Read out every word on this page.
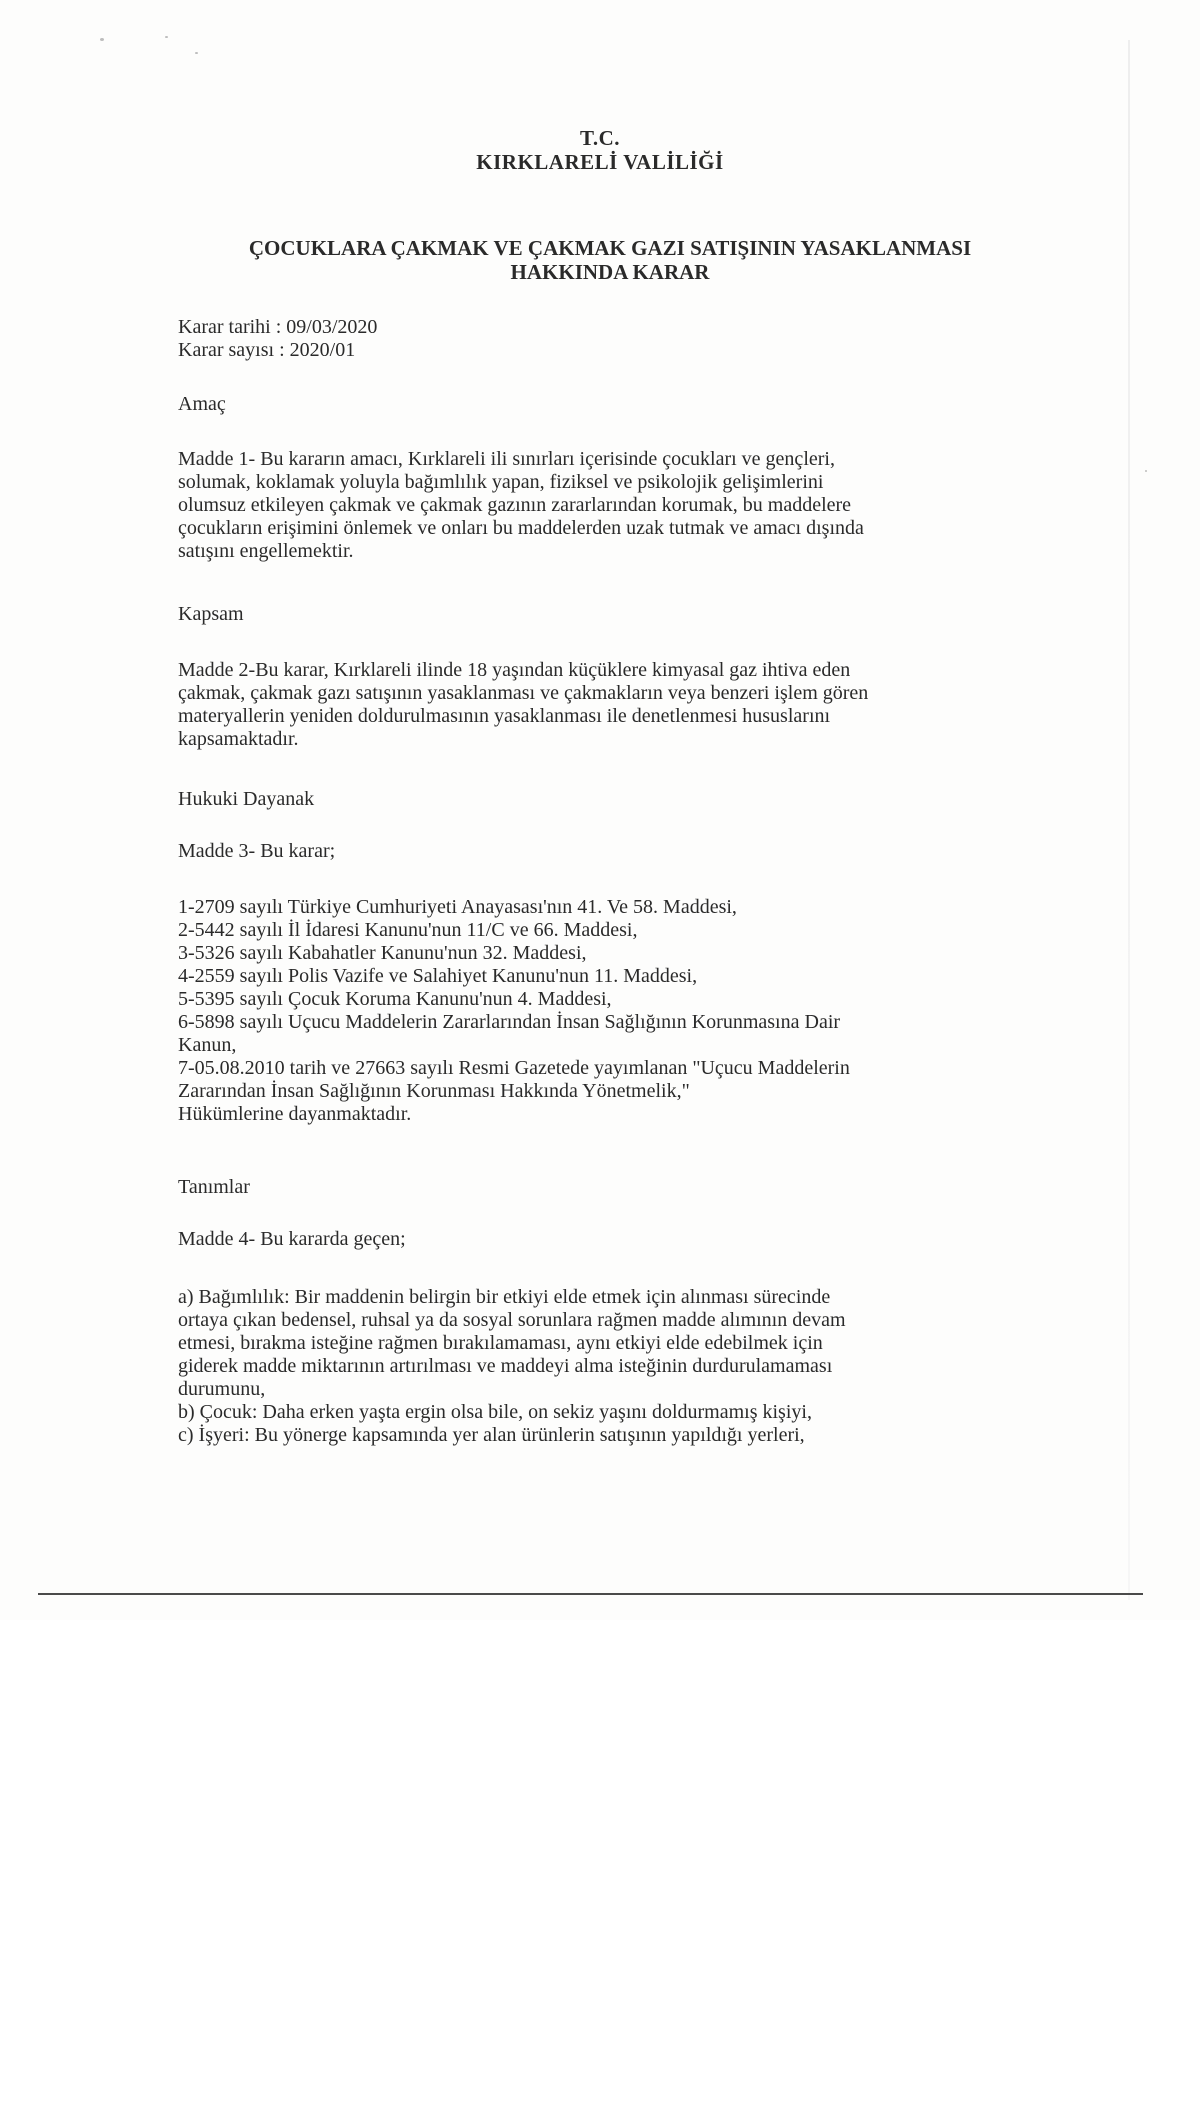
T.C.
KIRKLARELİ VALİLİĞİ
ÇOCUKLARA ÇAKMAK VE ÇAKMAK GAZI SATIŞININ YASAKLANMASI
HAKKINDA KARAR
Karar tarihi : 09/03/2020
Karar sayısı : 2020/01
Amaç
Madde 1- Bu kararın amacı, Kırklareli ili sınırları içerisinde çocukları ve gençleri,
solumak, koklamak yoluyla bağımlılık yapan, fiziksel ve psikolojik gelişimlerini
olumsuz etkileyen çakmak ve çakmak gazının zararlarından korumak, bu maddelere
çocukların erişimini önlemek ve onları bu maddelerden uzak tutmak ve amacı dışında
satışını engellemektir.
Kapsam
Madde 2-Bu karar, Kırklareli ilinde 18 yaşından küçüklere kimyasal gaz ihtiva eden
çakmak, çakmak gazı satışının yasaklanması ve çakmakların veya benzeri işlem gören
materyallerin yeniden doldurulmasının yasaklanması ile denetlenmesi hususlarını
kapsamaktadır.
Hukuki Dayanak
Madde 3- Bu karar;
1-2709 sayılı Türkiye Cumhuriyeti Anayasası'nın 41. Ve 58. Maddesi,
2-5442 sayılı İl İdaresi Kanunu'nun 11/C ve 66. Maddesi,
3-5326 sayılı Kabahatler Kanunu'nun 32. Maddesi,
4-2559 sayılı Polis Vazife ve Salahiyet Kanunu'nun 11. Maddesi,
5-5395 sayılı Çocuk Koruma Kanunu'nun 4. Maddesi,
6-5898 sayılı Uçucu Maddelerin Zararlarından İnsan Sağlığının Korunmasına Dair
Kanun,
7-05.08.2010 tarih ve 27663 sayılı Resmi Gazetede yayımlanan "Uçucu Maddelerin
Zararından İnsan Sağlığının Korunması Hakkında Yönetmelik,"
Hükümlerine dayanmaktadır.
Tanımlar
Madde 4- Bu kararda geçen;
a) Bağımlılık: Bir maddenin belirgin bir etkiyi elde etmek için alınması sürecinde
ortaya çıkan bedensel, ruhsal ya da sosyal sorunlara rağmen madde alımının devam
etmesi, bırakma isteğine rağmen bırakılamaması, aynı etkiyi elde edebilmek için
giderek madde miktarının artırılması ve maddeyi alma isteğinin durdurulamaması
durumunu,
b) Çocuk: Daha erken yaşta ergin olsa bile, on sekiz yaşını doldurmamış kişiyi,
c) İşyeri: Bu yönerge kapsamında yer alan ürünlerin satışının yapıldığı yerleri,
